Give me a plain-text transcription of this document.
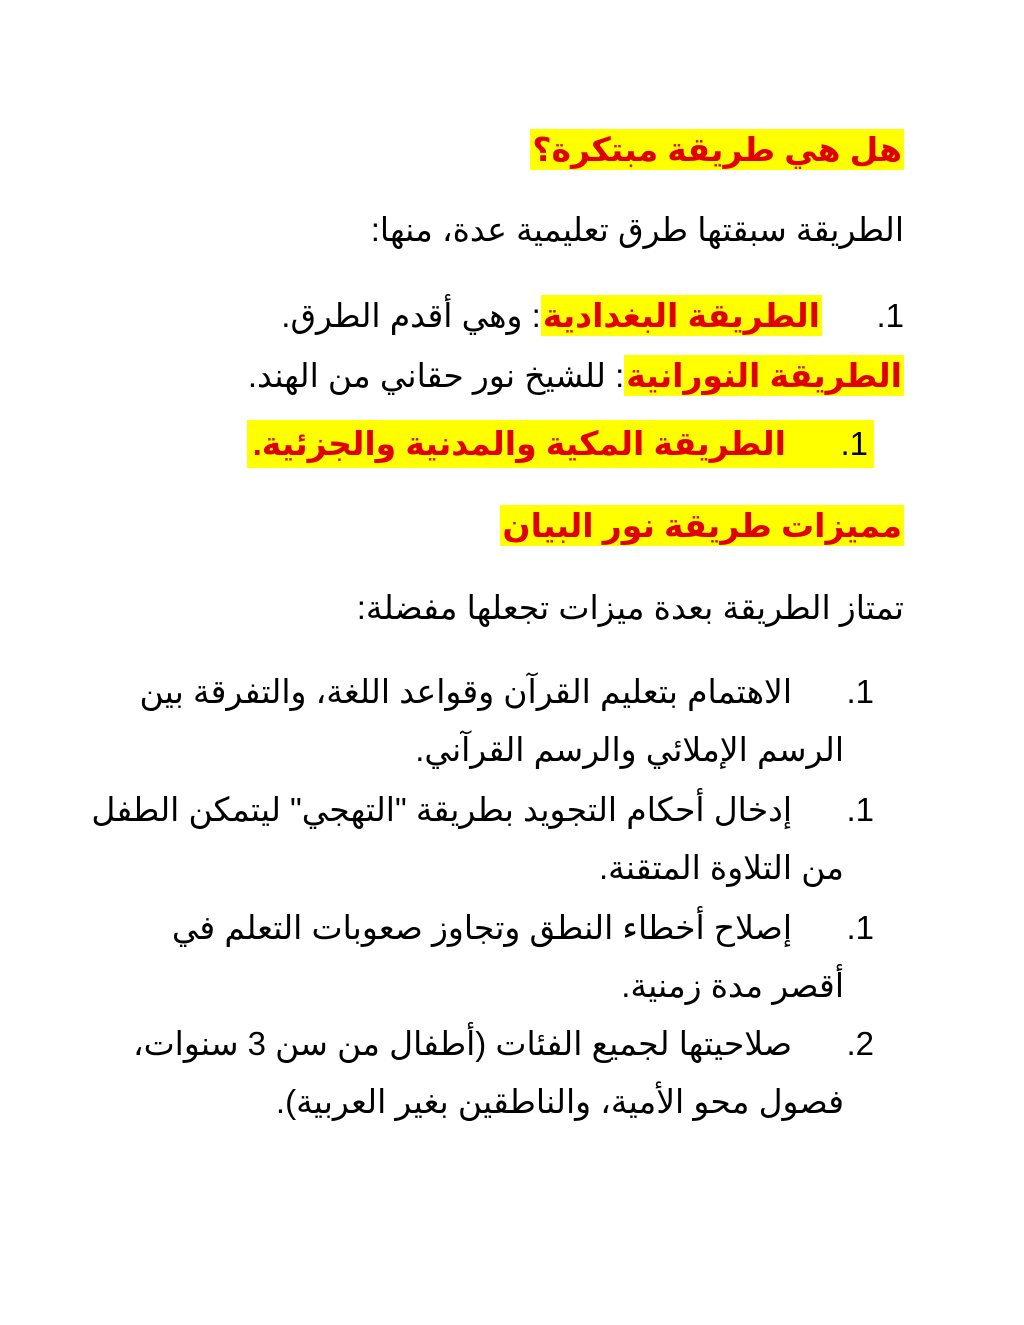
هل هي طريقة مبتكرة؟
الطريقة سبقتها طرق تعليمية عدة، منها:
1.الطريقة البغدادية: وهي أقدم الطرق.
الطريقة النورانية: للشيخ نور حقاني من الهند.
1.الطريقة المكية والمدنية والجزئية.
مميزات طريقة نور البيان
تمتاز الطريقة بعدة ميزات تجعلها مفضلة:
1.الاهتمام بتعليم القرآن وقواعد اللغة، والتفرقة بين
الرسم الإملائي والرسم القرآني.
1.إدخال أحكام التجويد بطريقة "التهجي" ليتمكن الطفل
من التلاوة المتقنة.
1.إصلاح أخطاء النطق وتجاوز صعوبات التعلم في
أقصر مدة زمنية.
2.صلاحيتها لجميع الفئات (أطفال من سن 3 سنوات،
فصول محو الأمية، والناطقين بغير العربية).
